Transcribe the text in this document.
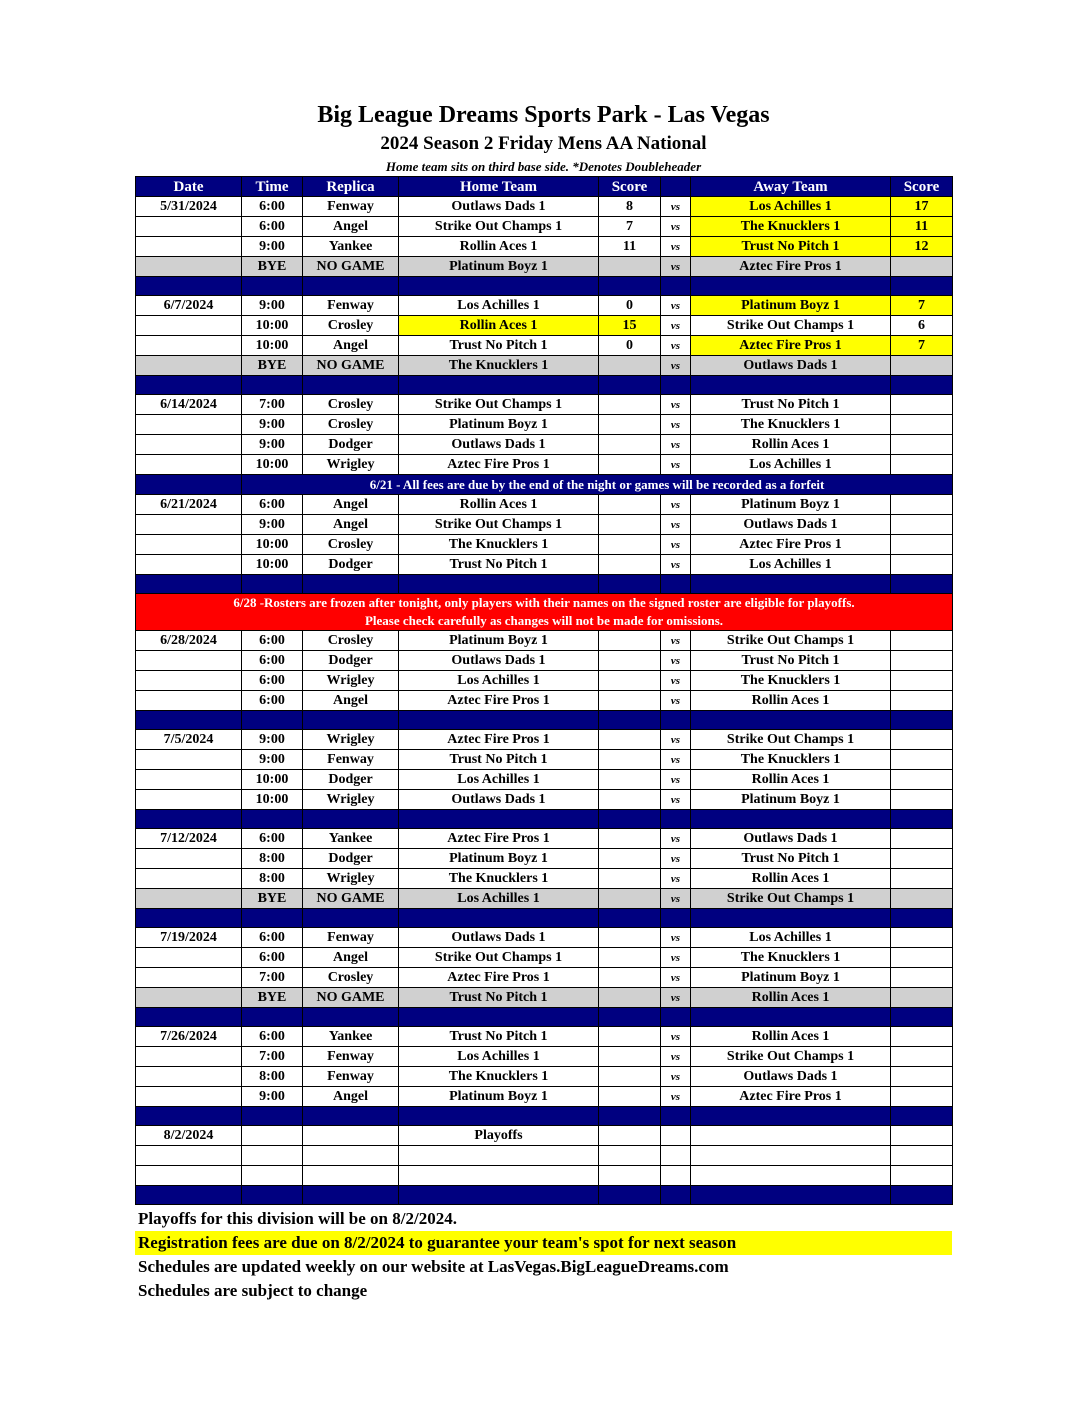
Big League Dreams Sports Park - Las Vegas
2024 Season 2 Friday Mens AA National
Home team sits on third base side. *Denotes Doubleheader
Date	Time	Replica	Home Team	Score		Away Team	Score
5/31/2024	6:00	Fenway	Outlaws Dads 1	8	vs	Los Achilles 1	17
	6:00	Angel	Strike Out Champs 1	7	vs	The Knucklers 1	11
	9:00	Yankee	Rollin Aces 1	11	vs	Trust No Pitch 1	12
	BYE	NO GAME	Platinum Boyz 1		vs	Aztec Fire Pros 1	

6/7/2024	9:00	Fenway	Los Achilles 1	0	vs	Platinum Boyz 1	7
	10:00	Crosley	Rollin Aces 1	15	vs	Strike Out Champs 1	6
	10:00	Angel	Trust No Pitch 1	0	vs	Aztec Fire Pros 1	7
	BYE	NO GAME	The Knucklers 1		vs	Outlaws Dads 1	

6/14/2024	7:00	Crosley	Strike Out Champs 1		vs	Trust No Pitch 1	
	9:00	Crosley	Platinum Boyz 1		vs	The Knucklers 1	
	9:00	Dodger	Outlaws Dads 1		vs	Rollin Aces 1	
	10:00	Wrigley	Aztec Fire Pros 1		vs	Los Achilles 1	
	6/21 - All fees are due by the end of the night or games will be recorded as a forfeit						
6/21/2024	6:00	Angel	Rollin Aces 1		vs	Platinum Boyz 1	
	9:00	Angel	Strike Out Champs 1		vs	Outlaws Dads 1	
	10:00	Crosley	The Knucklers 1		vs	Aztec Fire Pros 1	
	10:00	Dodger	Trust No Pitch 1		vs	Los Achilles 1	

6/28 -Rosters are frozen after tonight, only players with their names on the signed roster are eligible for playoffs.
Please check carefully as changes will not be made for omissions.							

6/28/2024	6:00	Crosley	Platinum Boyz 1		vs	Strike Out Champs 1	
	6:00	Dodger	Outlaws Dads 1		vs	Trust No Pitch 1	
	6:00	Wrigley	Los Achilles 1		vs	The Knucklers 1	
	6:00	Angel	Aztec Fire Pros 1		vs	Rollin Aces 1	

7/5/2024	9:00	Wrigley	Aztec Fire Pros 1		vs	Strike Out Champs 1	
	9:00	Fenway	Trust No Pitch 1		vs	The Knucklers 1	
	10:00	Dodger	Los Achilles 1		vs	Rollin Aces 1	
	10:00	Wrigley	Outlaws Dads 1		vs	Platinum Boyz 1	

7/12/2024	6:00	Yankee	Aztec Fire Pros 1		vs	Outlaws Dads 1	
	8:00	Dodger	Platinum Boyz 1		vs	Trust No Pitch 1	
	8:00	Wrigley	The Knucklers 1		vs	Rollin Aces 1	
	BYE	NO GAME	Los Achilles 1		vs	Strike Out Champs 1	

7/19/2024	6:00	Fenway	Outlaws Dads 1		vs	Los Achilles 1	
	6:00	Angel	Strike Out Champs 1		vs	The Knucklers 1	
	7:00	Crosley	Aztec Fire Pros 1		vs	Platinum Boyz 1	
	BYE	NO GAME	Trust No Pitch 1		vs	Rollin Aces 1	

7/26/2024	6:00	Yankee	Trust No Pitch 1		vs	Rollin Aces 1	
	7:00	Fenway	Los Achilles 1		vs	Strike Out Champs 1	
	8:00	Fenway	The Knucklers 1		vs	Outlaws Dads 1	
	9:00	Angel	Platinum Boyz 1		vs	Aztec Fire Pros 1	

8/2/2024			Playoffs				

Playoffs for this division will be on 8/2/2024.
Registration fees are due on 8/2/2024 to guarantee your team's spot for next season
Schedules are updated weekly on our website at LasVegas.BigLeagueDreams.com
Schedules are subject to change
